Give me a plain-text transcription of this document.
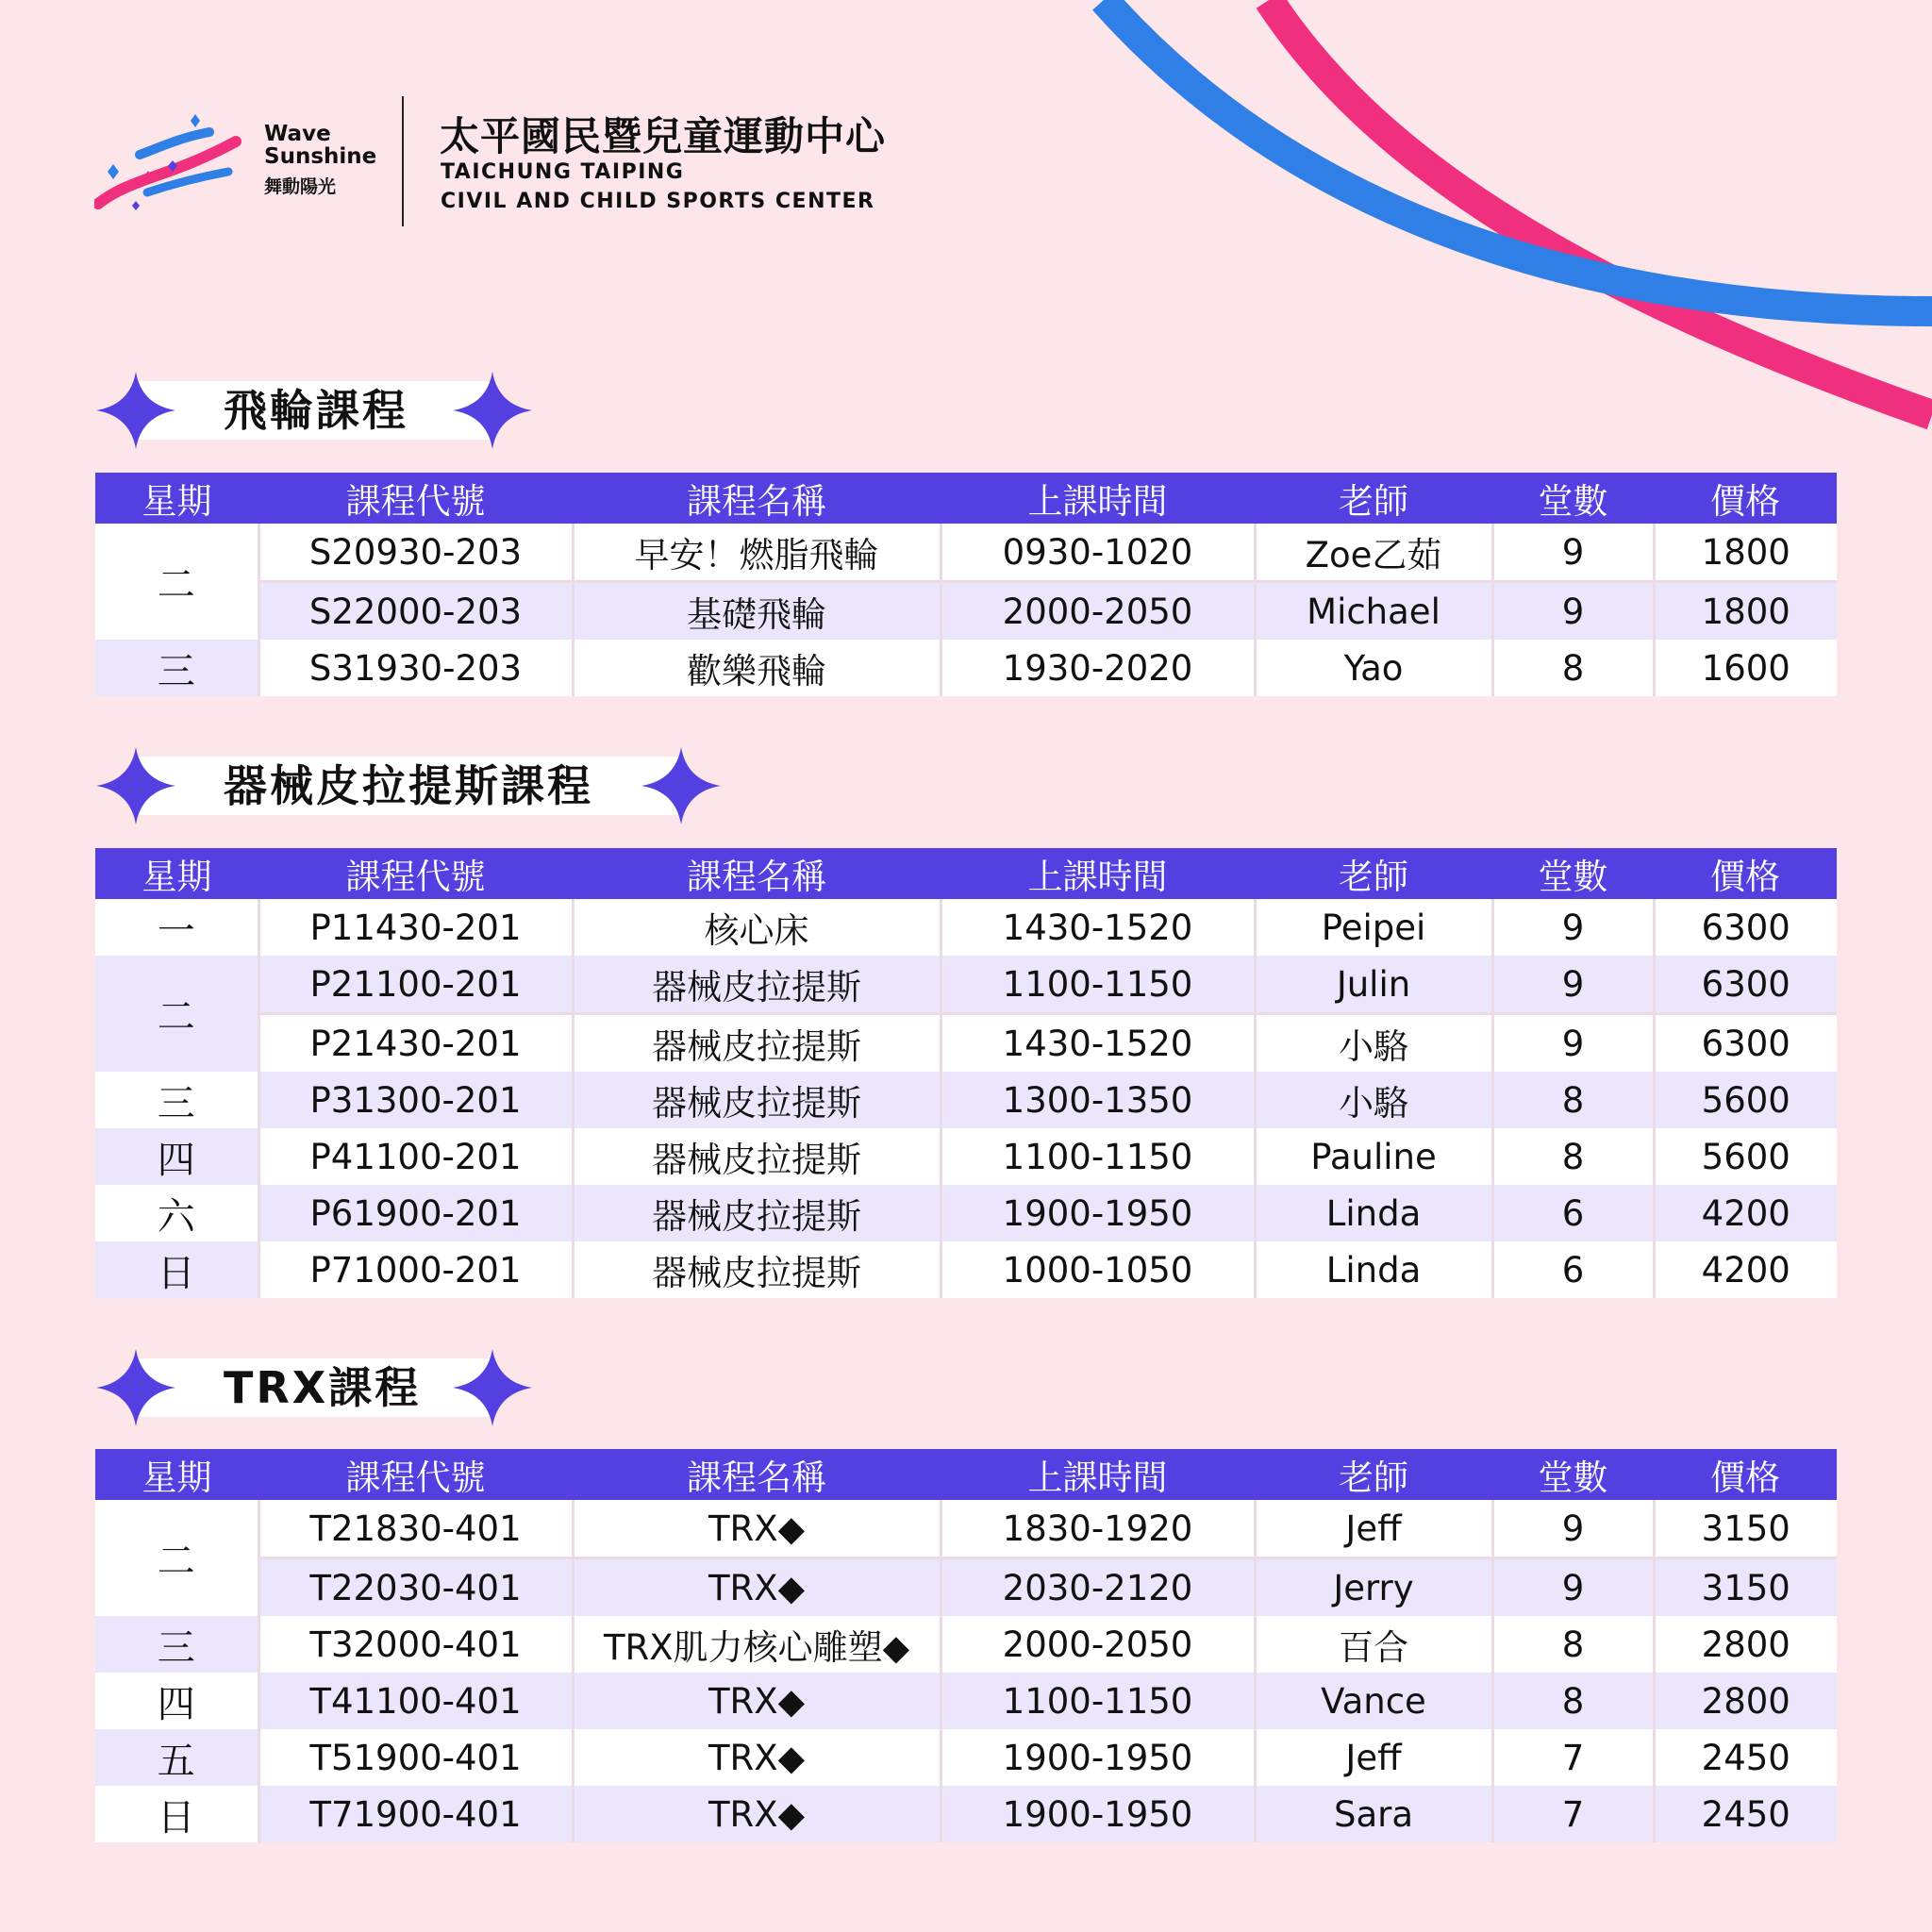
Wave
Sunshine
舞動陽光
太平國民暨兒童運動中心
TAICHUNG TAIPING
CIVIL AND CHILD SPORTS CENTER
飛輪課程
器械皮拉提斯課程
TRX課程
星期	課程代號	課程名稱	上課時間	老師	堂數	價格
二	S20930-203	早安！燃脂飛輪	0930-1020	Zoe乙茹	9	1800
	S22000-203	基礎飛輪	2000-2050	Michael	9	1800
三	S31930-203	歡樂飛輪	1930-2020	Yao	8	1600
星期	課程代號	課程名稱	上課時間	老師	堂數	價格
一	P11430-201	核心床	1430-1520	Peipei	9	6300
二	P21100-201	器械皮拉提斯	1100-1150	Julin	9	6300
	P21430-201	器械皮拉提斯	1430-1520	小駱	9	6300
三	P31300-201	器械皮拉提斯	1300-1350	小駱	8	5600
四	P41100-201	器械皮拉提斯	1100-1150	Pauline	8	5600
六	P61900-201	器械皮拉提斯	1900-1950	Linda	6	4200
日	P71000-201	器械皮拉提斯	1000-1050	Linda	6	4200
星期	課程代號	課程名稱	上課時間	老師	堂數	價格
二	T21830-401	TRX◆	1830-1920	Jeff	9	3150
	T22030-401	TRX◆	2030-2120	Jerry	9	3150
三	T32000-401	TRX肌力核心雕塑◆	2000-2050	百合	8	2800
四	T41100-401	TRX◆	1100-1150	Vance	8	2800
五	T51900-401	TRX◆	1900-1950	Jeff	7	2450
日	T71900-401	TRX◆	1900-1950	Sara	7	2450
